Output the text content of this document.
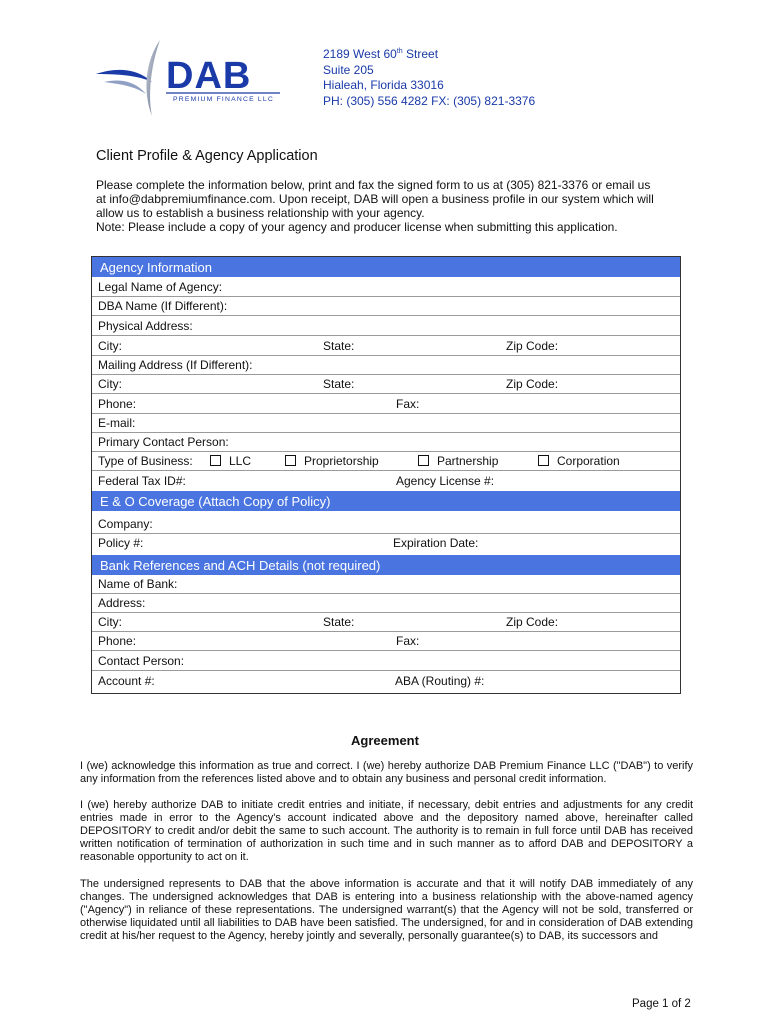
DAB
PREMIUM FINANCE LLC
2189 West 60th Street
Suite 205
Hialeah, Florida 33016
PH: (305) 556 4282 FX: (305) 821-3376
Client Profile & Agency Application
Please complete the information below, print and fax the signed form to us at (305) 821-3376 or email us
at info@dabpremiumfinance.com. Upon receipt, DAB will open a business profile in our system which will
allow us to establish a business relationship with your agency.
Note: Please include a copy of your agency and producer license when submitting this application.
Agency Information
Legal Name of Agency:
DBA Name (If Different):
Physical Address:
City:	State:	Zip Code:
Mailing Address (If Different):
City:	State:	Zip Code:
Phone:	Fax:
E-mail:
Primary Contact Person:
Type of Business:	LLC	Proprietorship	Partnership	Corporation
Federal Tax ID#:	Agency License #:
E & O Coverage (Attach Copy of Policy)
Company:
Policy #:	Expiration Date:
Bank References and ACH Details (not required)
Name of Bank:
Address:
City:	State:	Zip Code:
Phone:	Fax:
Contact Person:
Account #:	ABA (Routing) #:
Agreement
I (we) acknowledge this information as true and correct. I (we) hereby authorize DAB Premium Finance LLC ("DAB") to verify any information from the references listed above and to obtain any business and personal credit information.
I (we) hereby authorize DAB to initiate credit entries and initiate, if necessary, debit entries and adjustments for any credit entries made in error to the Agency's account indicated above and the depository named above, hereinafter called DEPOSITORY to credit and/or debit the same to such account. The authority is to remain in full force until DAB has received written notification of termination of authorization in such time and in such manner as to afford DAB and DEPOSITORY a reasonable opportunity to act on it.
The undersigned represents to DAB that the above information is accurate and that it will notify DAB immediately of any changes. The undersigned acknowledges that DAB is entering into a business relationship with the above-named agency ("Agency") in reliance of these representations. The undersigned warrant(s) that the Agency will not be sold, transferred or otherwise liquidated until all liabilities to DAB have been satisfied. The undersigned, for and in consideration of DAB extending credit at his/her request to the Agency, hereby jointly and severally, personally guarantee(s) to DAB, its successors and
Page 1 of 2
